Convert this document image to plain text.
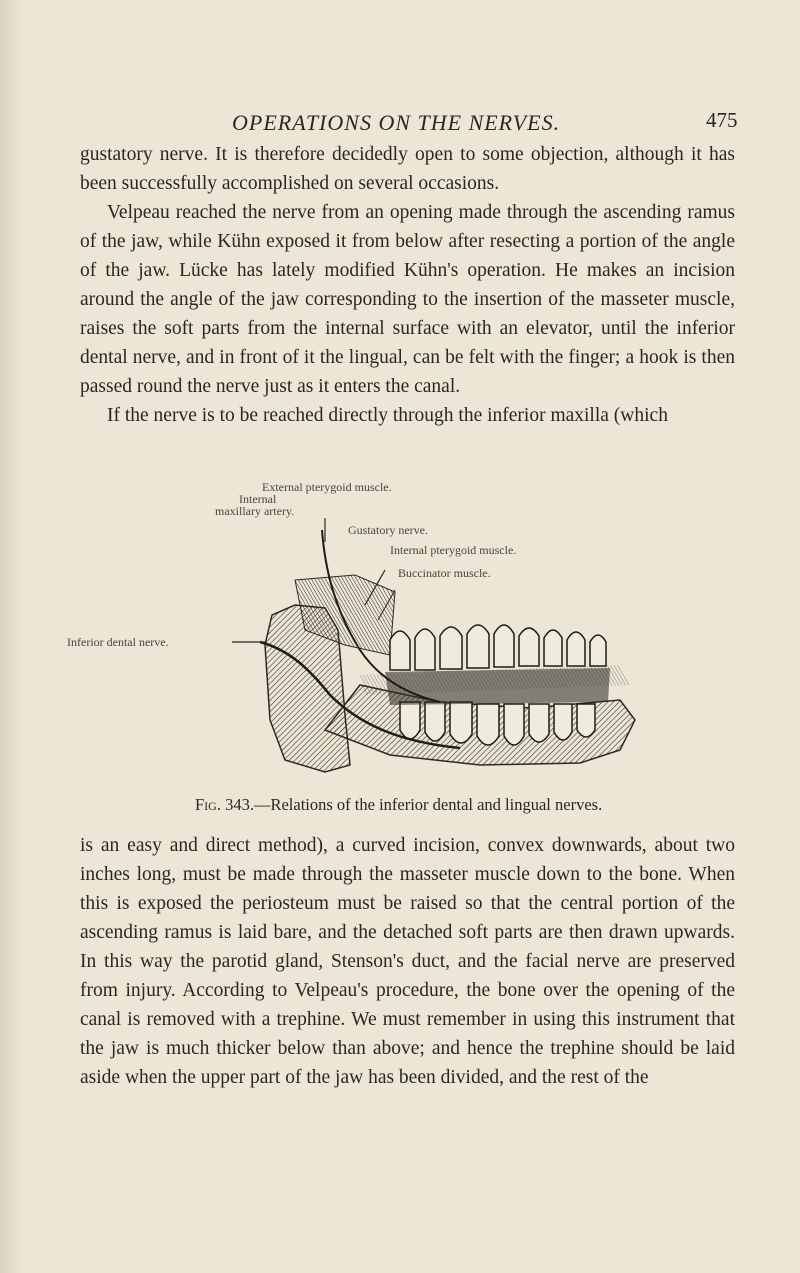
OPERATIONS ON THE NERVES.	475

gustatory nerve. It is therefore decidedly open to some objection, although it has been successfully accomplished on several occasions.

Velpeau reached the nerve from an opening made through the ascending ramus of the jaw, while Kühn exposed it from below after resecting a portion of the angle of the jaw. Lücke has lately modified Kühn's operation. He makes an incision around the angle of the jaw corresponding to the insertion of the masseter muscle, raises the soft parts from the internal surface with an elevator, until the inferior dental nerve, and in front of it the lingual, can be felt with the finger; a hook is then passed round the nerve just as it enters the canal.

If the nerve is to be reached directly through the inferior maxilla (which

External pterygoid muscle.
Internal
maxillary artery.
Gustatory nerve.
Internal pterygoid muscle.
Buccinator muscle.
Inferior dental nerve.
Fig. 343.—Relations of the inferior dental and lingual nerves.

is an easy and direct method), a curved incision, convex downwards, about two inches long, must be made through the masseter muscle down to the bone. When this is exposed the periosteum must be raised so that the central portion of the ascending ramus is laid bare, and the detached soft parts are then drawn upwards. In this way the parotid gland, Stenson's duct, and the facial nerve are preserved from injury. According to Velpeau's procedure, the bone over the opening of the canal is removed with a trephine. We must remember in using this instrument that the jaw is much thicker below than above; and hence the trephine should be laid aside when the upper part of the jaw has been divided, and the rest of the
